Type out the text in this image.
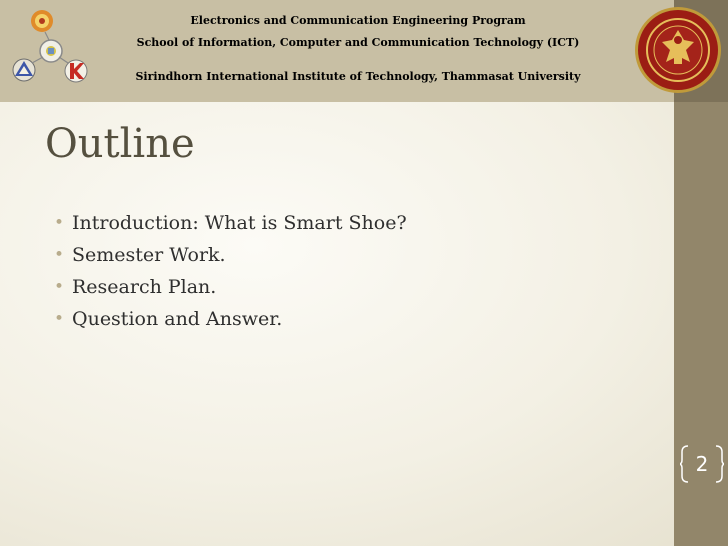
Electronics and Communication Engineering Program
School of Information, Computer and Communication Technology (ICT)
Sirindhorn International Institute of Technology, Thammasat University
Outline
• Introduction: What is Smart Shoe?
• Semester Work.
• Research Plan.
• Question and Answer.
2
